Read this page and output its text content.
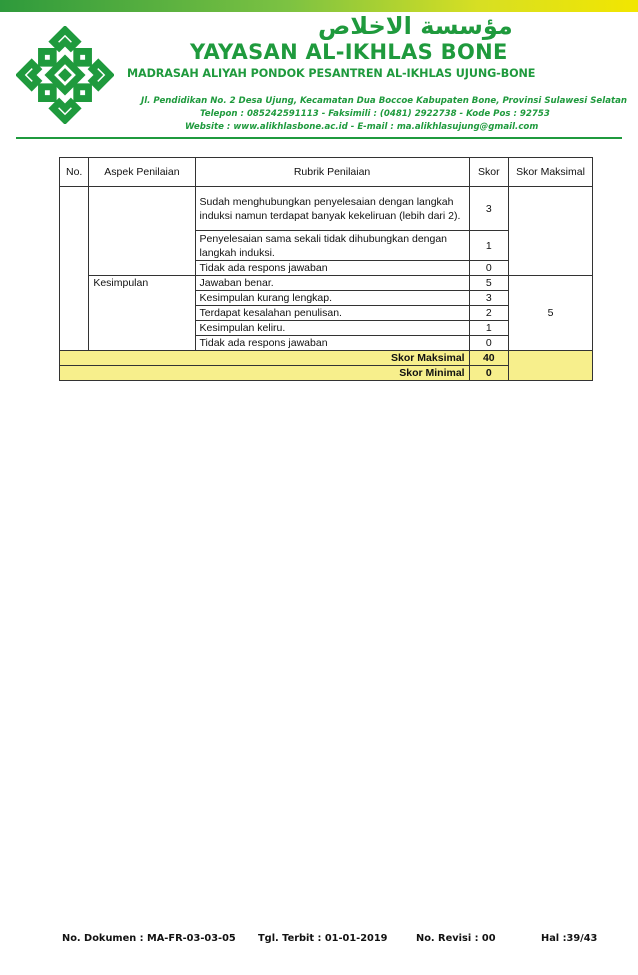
مؤسسة الاخلاص
YAYASAN AL-IKHLAS BONE
MADRASAH ALIYAH PONDOK PESANTREN AL-IKHLAS UJUNG-BONE
Jl. Pendidikan No. 2 Desa Ujung, Kecamatan Dua Boccoe Kabupaten Bone, Provinsi Sulawesi Selatan
Telepon : 085242591113 - Faksimili : (0481) 2922738 - Kode Pos : 92753
Website : www.alikhlasbone.ac.id - E-mail : ma.alikhlasujung@gmail.com
No.	Aspek Penilaian	Rubrik Penilaian	Skor	Skor Maksimal
		Sudah menghubungkan penyelesaian dengan langkah induksi namun terdapat banyak kekeliruan (lebih dari 2).	3	
		Penyelesaian sama sekali tidak dihubungkan dengan langkah induksi.	1	
		Tidak ada respons jawaban	0	
	Kesimpulan	Jawaban benar.	5	5
		Kesimpulan kurang lengkap.	3	
		Terdapat kesalahan penulisan.	2	
		Kesimpulan keliru.	1	
		Tidak ada respons jawaban	0	
Skor Maksimal			40	
Skor Minimal			0	
No. Dokumen : MA-FR-03-03-05 Tgl. Terbit : 01-01-2019	No. Revisi : 00	Hal :39/43
